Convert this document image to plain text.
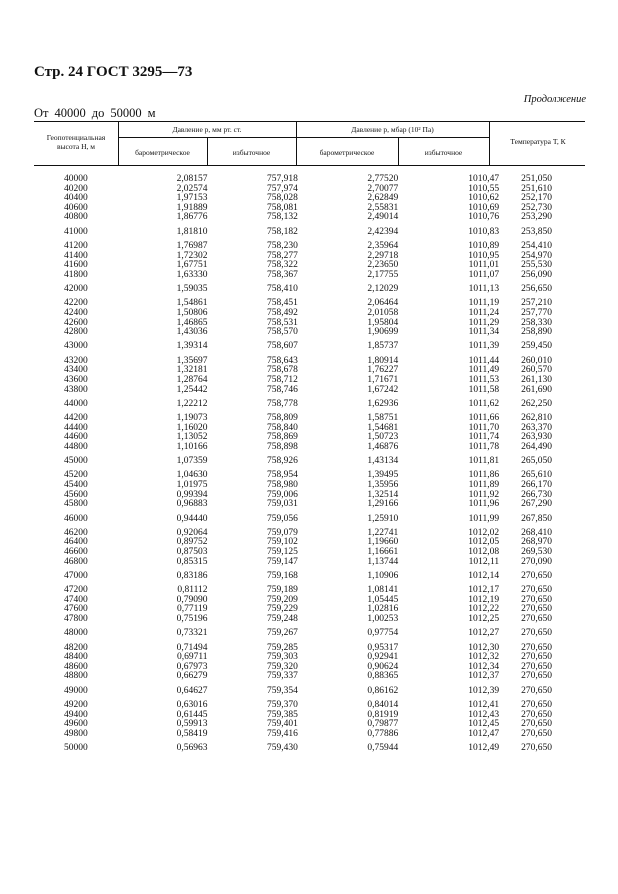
Стр. 24 ГОСТ 3295—73
Продолжение
От 40000 до 50000 м
Геопотенциальная высота H, м
Давление p, мм рт. ст.	Давление p, мбар (10² Па)
барометрическое	избыточное	барометрическое	избыточное
Температура T, К
40000	2,08157	757,918	2,77520	1010,47	251,050
40200	2,02574	757,974	2,70077	1010,55	251,610
40400	1,97153	758,028	2,62849	1010,62	252,170
40600	1,91889	758,081	2,55831	1010,69	252,730
40800	1,86776	758,132	2,49014	1010,76	253,290
41000	1,81810	758,182	2,42394	1010,83	253,850
41200	1,76987	758,230	2,35964	1010,89	254,410
41400	1,72302	758,277	2,29718	1010,95	254,970
41600	1,67751	758,322	2,23650	1011,01	255,530
41800	1,63330	758,367	2,17755	1011,07	256,090
42000	1,59035	758,410	2,12029	1011,13	256,650
42200	1,54861	758,451	2,06464	1011,19	257,210
42400	1,50806	758,492	2,01058	1011,24	257,770
42600	1,46865	758,531	1,95804	1011,29	258,330
42800	1,43036	758,570	1,90699	1011,34	258,890
43000	1,39314	758,607	1,85737	1011,39	259,450
43200	1,35697	758,643	1,80914	1011,44	260,010
43400	1,32181	758,678	1,76227	1011,49	260,570
43600	1,28764	758,712	1,71671	1011,53	261,130
43800	1,25442	758,746	1,67242	1011,58	261,690
44000	1,22212	758,778	1,62936	1011,62	262,250
44200	1,19073	758,809	1,58751	1011,66	262,810
44400	1,16020	758,840	1,54681	1011,70	263,370
44600	1,13052	758,869	1,50723	1011,74	263,930
44800	1,10166	758,898	1,46876	1011,78	264,490
45000	1,07359	758,926	1,43134	1011,81	265,050
45200	1,04630	758,954	1,39495	1011,86	265,610
45400	1,01975	758,980	1,35956	1011,89	266,170
45600	0,99394	759,006	1,32514	1011,92	266,730
45800	0,96883	759,031	1,29166	1011,96	267,290
46000	0,94440	759,056	1,25910	1011,99	267,850
46200	0,92064	759,079	1,22741	1012,02	268,410
46400	0,89752	759,102	1,19660	1012,05	268,970
46600	0,87503	759,125	1,16661	1012,08	269,530
46800	0,85315	759,147	1,13744	1012,11	270,090
47000	0,83186	759,168	1,10906	1012,14	270,650
47200	0,81112	759,189	1,08141	1012,17	270,650
47400	0,79090	759,209	1,05445	1012,19	270,650
47600	0,77119	759,229	1,02816	1012,22	270,650
47800	0,75196	759,248	1,00253	1012,25	270,650
48000	0,73321	759,267	0,97754	1012,27	270,650
48200	0,71494	759,285	0,95317	1012,30	270,650
48400	0,69711	759,303	0,92941	1012,32	270,650
48600	0,67973	759,320	0,90624	1012,34	270,650
48800	0,66279	759,337	0,88365	1012,37	270,650
49000	0,64627	759,354	0,86162	1012,39	270,650
49200	0,63016	759,370	0,84014	1012,41	270,650
49400	0,61445	759,385	0,81919	1012,43	270,650
49600	0,59913	759,401	0,79877	1012,45	270,650
49800	0,58419	759,416	0,77886	1012,47	270,650
50000	0,56963	759,430	0,75944	1012,49	270,650
